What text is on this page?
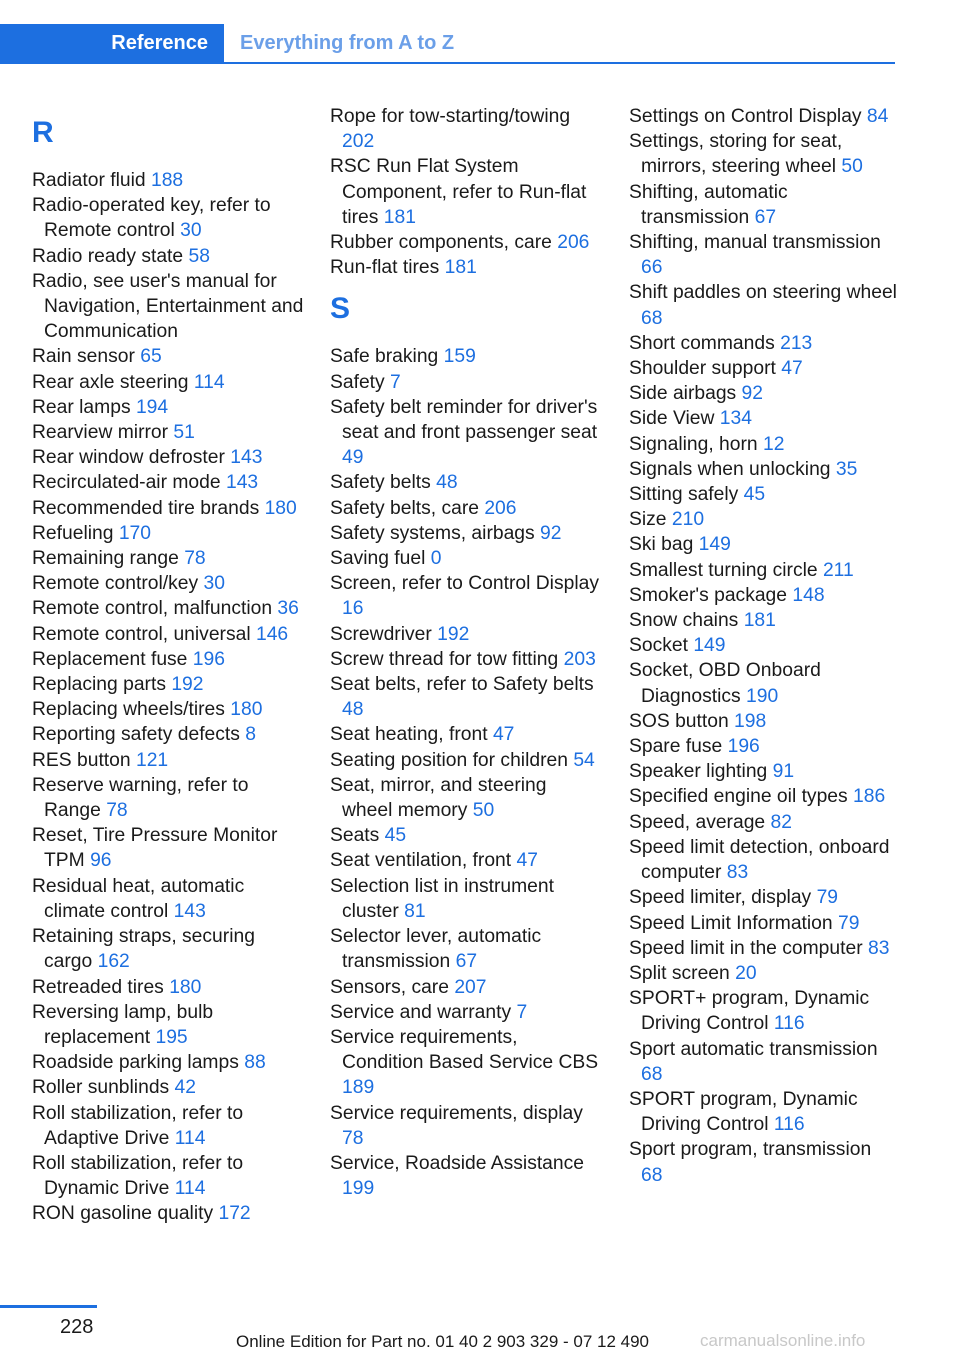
Reference	Everything from A to Z
R

Radiator fluid 188

Radio-operated key, refer to Remote control 30

Radio ready state 58

Radio, see user's manual for Navigation, Entertainment and Communication

Rain sensor 65

Rear axle steering 114

Rear lamps 194

Rearview mirror 51

Rear window defroster 143

Recirculated-air mode 143

Recommended tire brands 180

Refueling 170

Remaining range 78

Remote control/key 30

Remote control, malfunction 36

Remote control, universal 146

Replacement fuse 196

Replacing parts 192

Replacing wheels/tires 180

Reporting safety defects 8

RES button 121

Reserve warning, refer to Range 78

Reset, Tire Pressure Monitor TPM 96

Residual heat, automatic climate control 143

Retaining straps, securing cargo 162

Retreaded tires 180

Reversing lamp, bulb replacement 195

Roadside parking lamps 88

Roller sunblinds 42

Roll stabilization, refer to Adaptive Drive 114

Roll stabilization, refer to Dynamic Drive 114

RON gasoline quality 172

Rope for tow-starting/towing 202

RSC Run Flat System Component, refer to Run-flat tires 181

Rubber components, care 206

Run-flat tires 181

S

Safe braking 159

Safety 7

Safety belt reminder for driver's seat and front passenger seat 49

Safety belts 48

Safety belts, care 206

Safety systems, airbags 92

Saving fuel 0

Screen, refer to Control Display 16

Screwdriver 192

Screw thread for tow fitting 203

Seat belts, refer to Safety belts 48

Seat heating, front 47

Seating position for children 54

Seat, mirror, and steering wheel memory 50

Seats 45

Seat ventilation, front 47

Selection list in instrument cluster 81

Selector lever, automatic transmission 67

Sensors, care 207

Service and warranty 7

Service requirements, Condition Based Service CBS 189

Service requirements, display 78

Service, Roadside Assistance 199

Settings on Control Display 84

Settings, storing for seat, mirrors, steering wheel 50

Shifting, automatic transmission 67

Shifting, manual transmission 66

Shift paddles on steering wheel 68

Short commands 213

Shoulder support 47

Side airbags 92

Side View 134

Signaling, horn 12

Signals when unlocking 35

Sitting safely 45

Size 210

Ski bag 149

Smallest turning circle 211

Smoker's package 148

Snow chains 181

Socket 149

Socket, OBD Onboard Diagnostics 190

SOS button 198

Spare fuse 196

Speaker lighting 91

Specified engine oil types 186

Speed, average 82

Speed limit detection, onboard computer 83

Speed limiter, display 79

Speed Limit Information 79

Speed limit in the computer 83

Split screen 20

SPORT+ program, Dynamic Driving Control 116

Sport automatic transmission 68

SPORT program, Dynamic Driving Control 116

Sport program, transmission 68

228
Online Edition for Part no. 01 40 2 903 329 - 07 12 490	carmanualsonline.info
